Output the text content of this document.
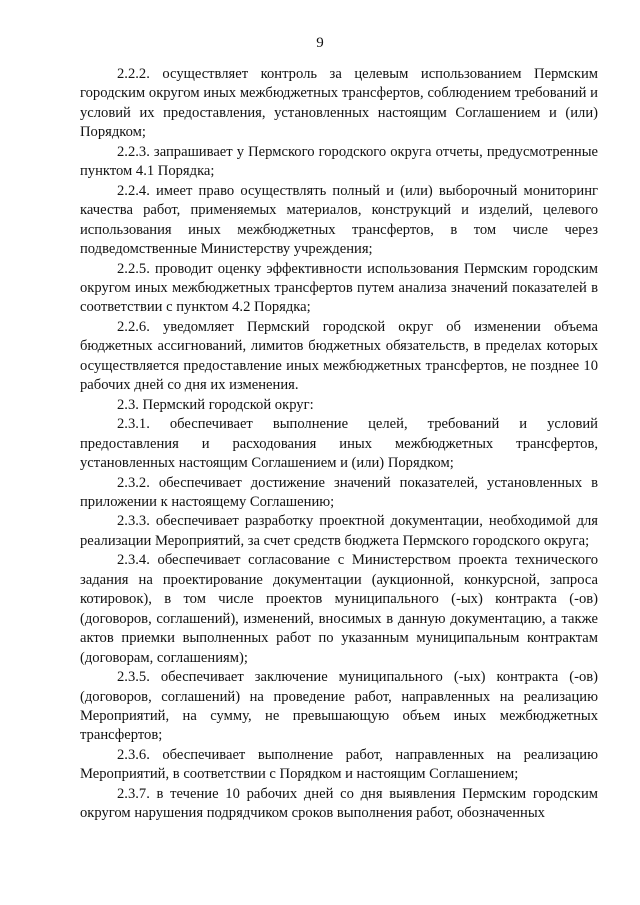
9

2.2.2. осуществляет контроль за целевым использованием Пермским городским округом иных межбюджетных трансфертов, соблюдением требований и условий их предоставления, установленных настоящим Соглашением и (или) Порядком;

2.2.3. запрашивает у Пермского городского округа отчеты, предусмотренные пунктом 4.1 Порядка;

2.2.4. имеет право осуществлять полный и (или) выборочный мониторинг качества работ, применяемых материалов, конструкций и изделий, целевого использования иных межбюджетных трансфертов, в том числе через подведомственные Министерству учреждения;

2.2.5. проводит оценку эффективности использования Пермским городским округом иных межбюджетных трансфертов путем анализа значений показателей в соответствии с пунктом 4.2 Порядка;

2.2.6. уведомляет Пермский городской округ об изменении объема бюджетных ассигнований, лимитов бюджетных обязательств, в пределах которых осуществляется предоставление иных межбюджетных трансфертов, не позднее 10 рабочих дней со дня их изменения.

2.3. Пермский городской округ:

2.3.1. обеспечивает выполнение целей, требований и условий предоставления и расходования иных межбюджетных трансфертов, установленных настоящим Соглашением и (или) Порядком;

2.3.2. обеспечивает достижение значений показателей, установленных в приложении к настоящему Соглашению;

2.3.3. обеспечивает разработку проектной документации, необходимой для реализации Мероприятий, за счет средств бюджета Пермского городского округа;

2.3.4. обеспечивает согласование с Министерством проекта технического задания на проектирование документации (аукционной, конкурсной, запроса котировок), в том числе проектов муниципального (-ых) контракта (-ов) (договоров, соглашений), изменений, вносимых в данную документацию, а также актов приемки выполненных работ по указанным муниципальным контрактам (договорам, соглашениям);

2.3.5. обеспечивает заключение муниципального (-ых) контракта (-ов) (договоров, соглашений) на проведение работ, направленных на реализацию Мероприятий, на сумму, не превышающую объем иных межбюджетных трансфертов;

2.3.6. обеспечивает выполнение работ, направленных на реализацию Мероприятий, в соответствии с Порядком и настоящим Соглашением;

2.3.7. в течение 10 рабочих дней со дня выявления Пермским городским округом нарушения подрядчиком сроков выполнения работ, обозначенных
